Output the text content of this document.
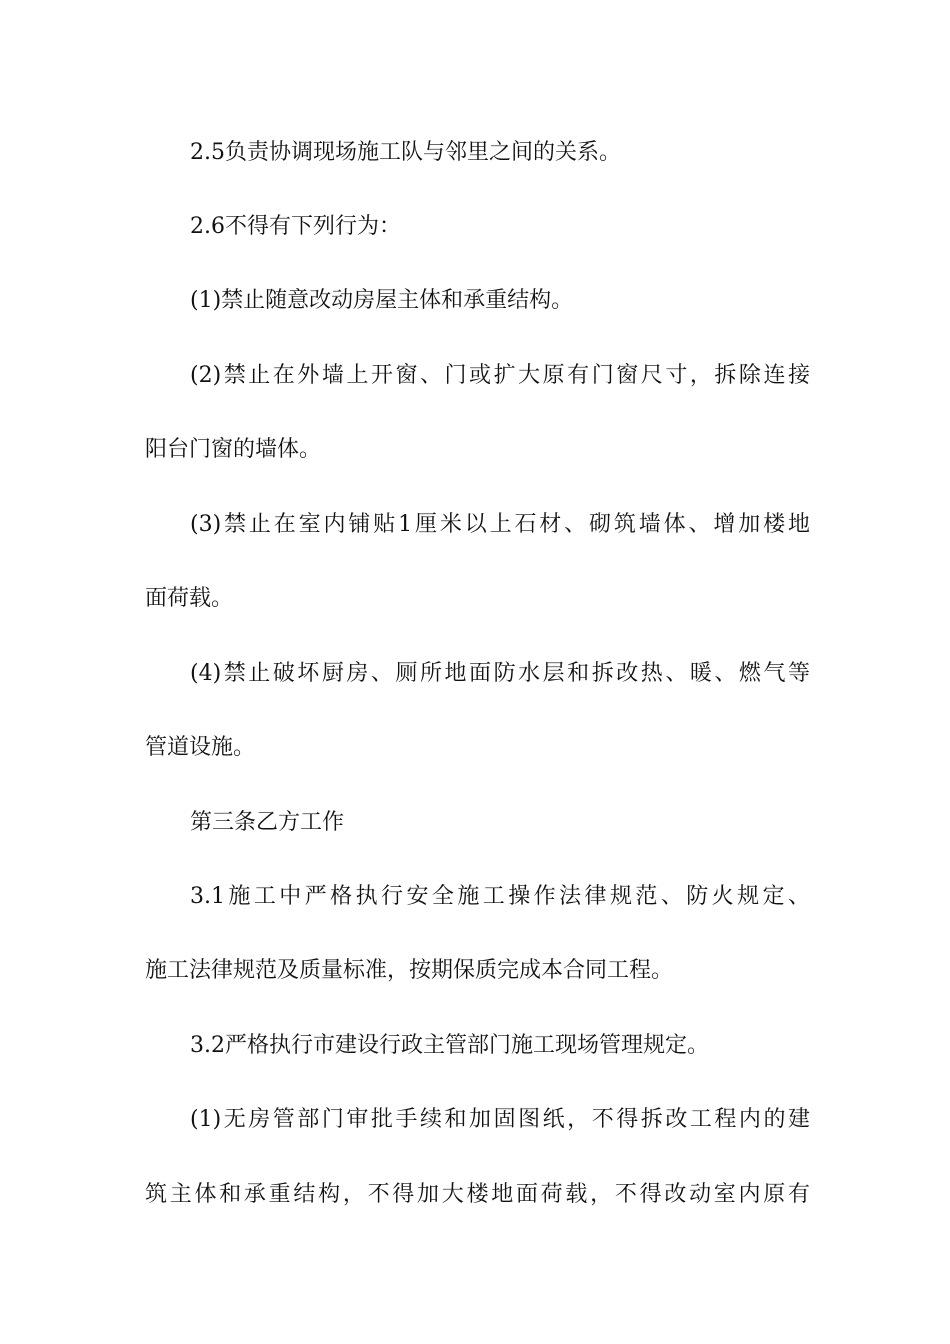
2.5负责协调现场施工队与邻里之间的关系。
2.6不得有下列行为：
(1)禁止随意改动房屋主体和承重结构。
(2)禁止在外墙上开窗、门或扩大原有门窗尺寸，拆除连接
阳台门窗的墙体。
(3)禁止在室内铺贴1厘米以上石材、砌筑墙体、增加楼地
面荷载。
(4)禁止破坏厨房、厕所地面防水层和拆改热、暖、燃气等
管道设施。
第三条乙方工作
3.1施工中严格执行安全施工操作法律规范、防火规定、
施工法律规范及质量标准，按期保质完成本合同工程。
3.2严格执行市建设行政主管部门施工现场管理规定。
(1)无房管部门审批手续和加固图纸，不得拆改工程内的建
筑主体和承重结构，不得加大楼地面荷载，不得改动室内原有
